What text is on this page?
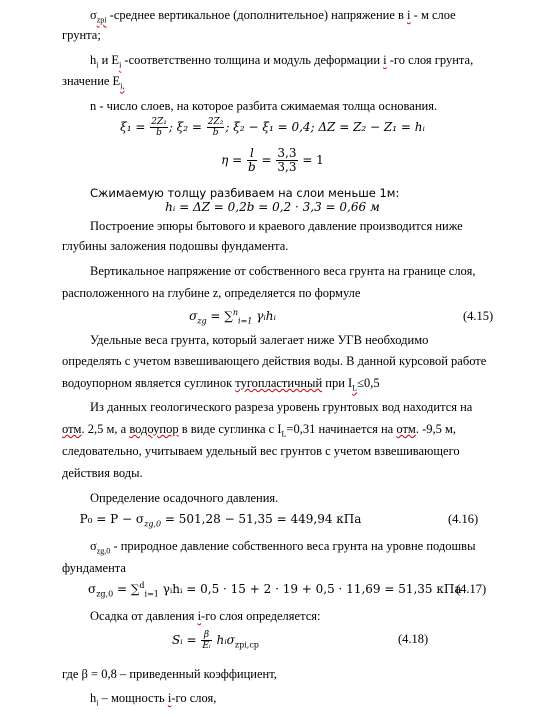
$\sigma_{zpi}$ -среднее вертикальное (дополнительное) напряжение в i - м слое
грунта;
$h_i$ и $E_i$ -соответственно толщина и модуль деформации i -го слоя грунта,
значение $E_{i,}$
n - число слоев, на которое разбита сжимаемая толща основания.
$\xi_1 = \frac{\text{2Z₁}}{b}$ ; $\xi_2 = \frac{\text{2Z₂}}{b}$ ; ξ₂ − ξ₁ = 0,4; ΔZ = Z₂ − Z₁ = hᵢ
$\eta = \frac{l}{b} = \frac{3,3}{3,3} = 1$
Сжимаемую толщу разбиваем на слои меньше 1м:
hᵢ = ΔZ = 0,2b = 0,2 · 3,3 = 0,66 м
Построение эпюры бытового и краевого давление производится ниже
глубины заложения подошвы фундамента.
Вертикальное напряжение от собственного веса грунта на границе слоя,
расположенного на глубине z, определяется по формуле
$\sigma_{zg} = \sum^n_{i=1}$ γᵢhᵢ	(4.15)
Удельные веса грунта, который залегает ниже УГВ необходимо
определять с учетом взвешивающего действия воды. В данной курсовой работе
водоупорном является суглинок тугопластичный при $I_L\le 0,5$
Из данных геологического разреза уровень грунтовых вод находится на
отм. 2,5 м, а водоупор в виде суглинка с $I_L=0,31$ начинается на отм. -9,5 м,
следовательно, учитываем удельный вес грунтов с учетом взвешивающего
действия воды.
Определение осадочного давления.
$P_0 = P - \sigma_{zg,0} = 501,28 - 51,35 = 449,94$ кПа	(4.16)
$\sigma_{zg,0}$ - природное давление собственного веса грунта на уровне подошвы
фундамента
$\sigma_{zg,0} = \sum^d_{i=1}$ γᵢhᵢ = 0,5 · 15 + 2 · 19 + 0,5 · 11,69 = 51,35 кПа
(4.17)
Осадка от давления i-го слоя определяется:
Sᵢ = $\frac{\beta}{\text{Eᵢ}}$ hᵢσ$_{zpi,cp}$	(4.18)
где β = 0,8 – приведенный коэффициент,
$h_i$ – мощность i-го слоя,
